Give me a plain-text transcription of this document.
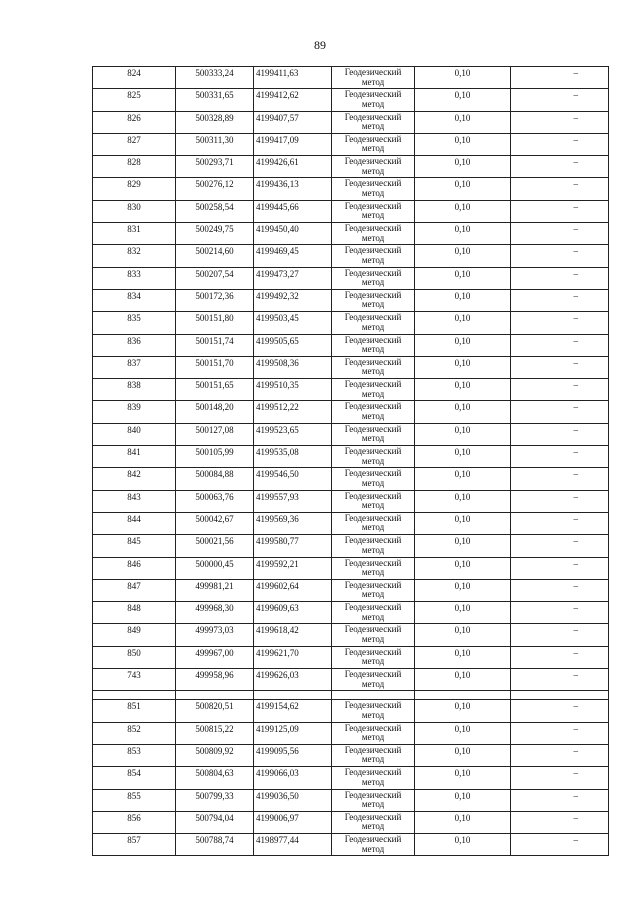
89
824	500333,24	4199411,63	Геодезический метод	0,10	–
825	500331,65	4199412,62	Геодезический метод	0,10	–
826	500328,89	4199407,57	Геодезический метод	0,10	–
827	500311,30	4199417,09	Геодезический метод	0,10	–
828	500293,71	4199426,61	Геодезический метод	0,10	–
829	500276,12	4199436,13	Геодезический метод	0,10	–
830	500258,54	4199445,66	Геодезический метод	0,10	–
831	500249,75	4199450,40	Геодезический метод	0,10	–
832	500214,60	4199469,45	Геодезический метод	0,10	–
833	500207,54	4199473,27	Геодезический метод	0,10	–
834	500172,36	4199492,32	Геодезический метод	0,10	–
835	500151,80	4199503,45	Геодезический метод	0,10	–
836	500151,74	4199505,65	Геодезический метод	0,10	–
837	500151,70	4199508,36	Геодезический метод	0,10	–
838	500151,65	4199510,35	Геодезический метод	0,10	–
839	500148,20	4199512,22	Геодезический метод	0,10	–
840	500127,08	4199523,65	Геодезический метод	0,10	–
841	500105,99	4199535,08	Геодезический метод	0,10	–
842	500084,88	4199546,50	Геодезический метод	0,10	–
843	500063,76	4199557,93	Геодезический метод	0,10	–
844	500042,67	4199569,36	Геодезический метод	0,10	–
845	500021,56	4199580,77	Геодезический метод	0,10	–
846	500000,45	4199592,21	Геодезический метод	0,10	–
847	499981,21	4199602,64	Геодезический метод	0,10	–
848	499968,30	4199609,63	Геодезический метод	0,10	–
849	499973,03	4199618,42	Геодезический метод	0,10	–
850	499967,00	4199621,70	Геодезический метод	0,10	–
743	499958,96	4199626,03	Геодезический метод	0,10	–

851	500820,51	4199154,62	Геодезический метод	0,10	–
852	500815,22	4199125,09	Геодезический метод	0,10	–
853	500809,92	4199095,56	Геодезический метод	0,10	–
854	500804,63	4199066,03	Геодезический метод	0,10	–
855	500799,33	4199036,50	Геодезический метод	0,10	–
856	500794,04	4199006,97	Геодезический метод	0,10	–
857	500788,74	4198977,44	Геодезический метод	0,10	–
